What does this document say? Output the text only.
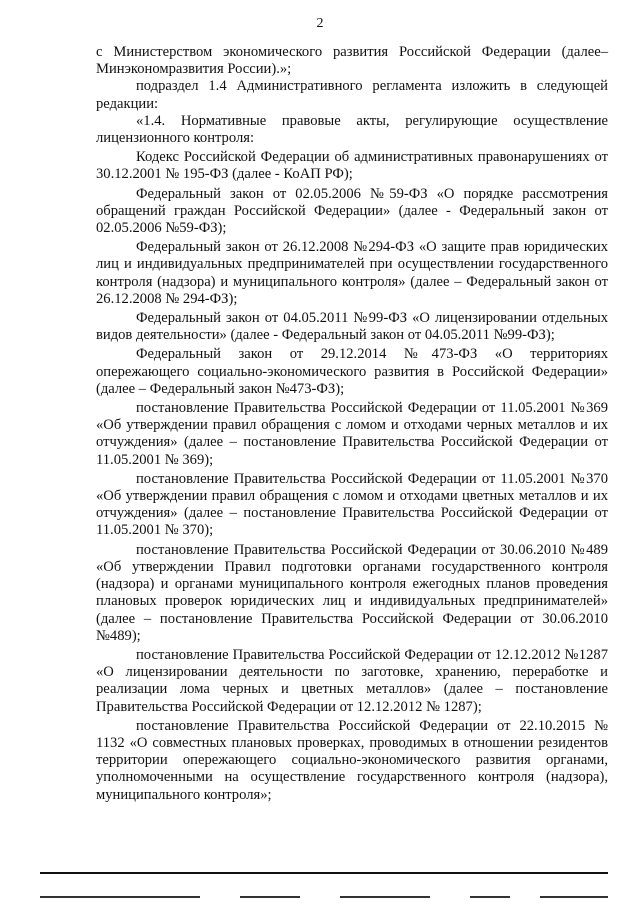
2

с Министерством экономического развития Российской Федерации (далее– Минэкономразвития России).»;

подраздел 1.4 Административного регламента изложить в следующей редакции:

«1.4. Нормативные правовые акты, регулирующие осуществление лицензионного контроля:

Кодекс Российской Федерации об административных правонарушениях от 30.12.2001 № 195-ФЗ (далее - КоАП РФ);

Федеральный закон от 02.05.2006 №59-ФЗ «О порядке рассмотрения обращений граждан Российской Федерации» (далее - Федеральный закон от 02.05.2006 №59-ФЗ);

Федеральный закон от 26.12.2008 №294-ФЗ «О защите прав юридических лиц и индивидуальных предпринимателей при осуществлении государственного контроля (надзора) и муниципального контроля» (далее – Федеральный закон от 26.12.2008 № 294-ФЗ);

Федеральный закон от 04.05.2011 №99-ФЗ «О лицензировании отдельных видов деятельности» (далее - Федеральный закон от 04.05.2011 №99-ФЗ);

Федеральный закон от 29.12.2014 №473-ФЗ «О территориях опережающего социально-экономического развития в Российской Федерации» (далее – Федеральный закон №473-ФЗ);

постановление Правительства Российской Федерации от 11.05.2001 №369 «Об утверждении правил обращения с ломом и отходами черных металлов и их отчуждения» (далее – постановление Правительства Российской Федерации от 11.05.2001 № 369);

постановление Правительства Российской Федерации от 11.05.2001 №370 «Об утверждении правил обращения с ломом и отходами цветных металлов и их отчуждения» (далее – постановление Правительства Российской Федерации от 11.05.2001 № 370);

постановление Правительства Российской Федерации от 30.06.2010 №489 «Об утверждении Правил подготовки органами государственного контроля (надзора) и органами муниципального контроля ежегодных планов проведения плановых проверок юридических лиц и индивидуальных предпринимателей» (далее – постановление Правительства Российской Федерации от 30.06.2010 №489);

постановление Правительства Российской Федерации от 12.12.2012 №1287 «О лицензировании деятельности по заготовке, хранению, переработке и реализации лома черных и цветных металлов» (далее – постановление Правительства Российской Федерации от 12.12.2012 № 1287);

постановление Правительства Российской Федерации от 22.10.2015 № 1132 «О совместных плановых проверках, проводимых в отношении резидентов территории опережающего социально-экономического развития органами, уполномоченными на осуществление государственного контроля (надзора), муниципального контроля»;
